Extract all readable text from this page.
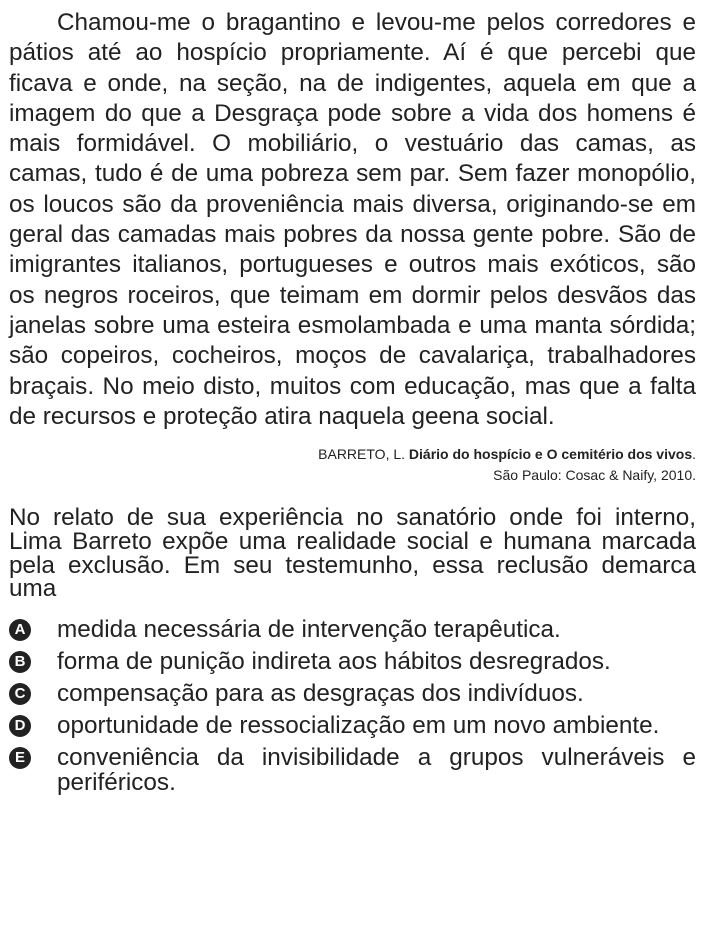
Chamou-me o bragantino e levou-me pelos corredores e pátios até ao hospício propriamente. Aí é que percebi que ficava e onde, na seção, na de indigentes, aquela em que a imagem do que a Desgraça pode sobre a vida dos homens é mais formidável. O mobiliário, o vestuário das camas, as camas, tudo é de uma pobreza sem par. Sem fazer monopólio, os loucos são da proveniência mais diversa, originando-se em geral das camadas mais pobres da nossa gente pobre. São de imigrantes italianos, portugueses e outros mais exóticos, são os negros roceiros, que teimam em dormir pelos desvãos das janelas sobre uma esteira esmolambada e uma manta sórdida; são copeiros, cocheiros, moços de cavalariça, trabalhadores braçais. No meio disto, muitos com educação, mas que a falta de recursos e proteção atira naquela geena social.

BARRETO, L. Diário do hospício e O cemitério dos vivos.
São Paulo: Cosac & Naify, 2010.
No relato de sua experiência no sanatório onde foi interno, Lima Barreto expõe uma realidade social e humana marcada pela exclusão. Em seu testemunho, essa reclusão demarca uma
A medida necessária de intervenção terapêutica.
B forma de punição indireta aos hábitos desregrados.
C compensação para as desgraças dos indivíduos.
D oportunidade de ressocialização em um novo ambiente.
E conveniência da invisibilidade a grupos vulneráveis e periféricos.
